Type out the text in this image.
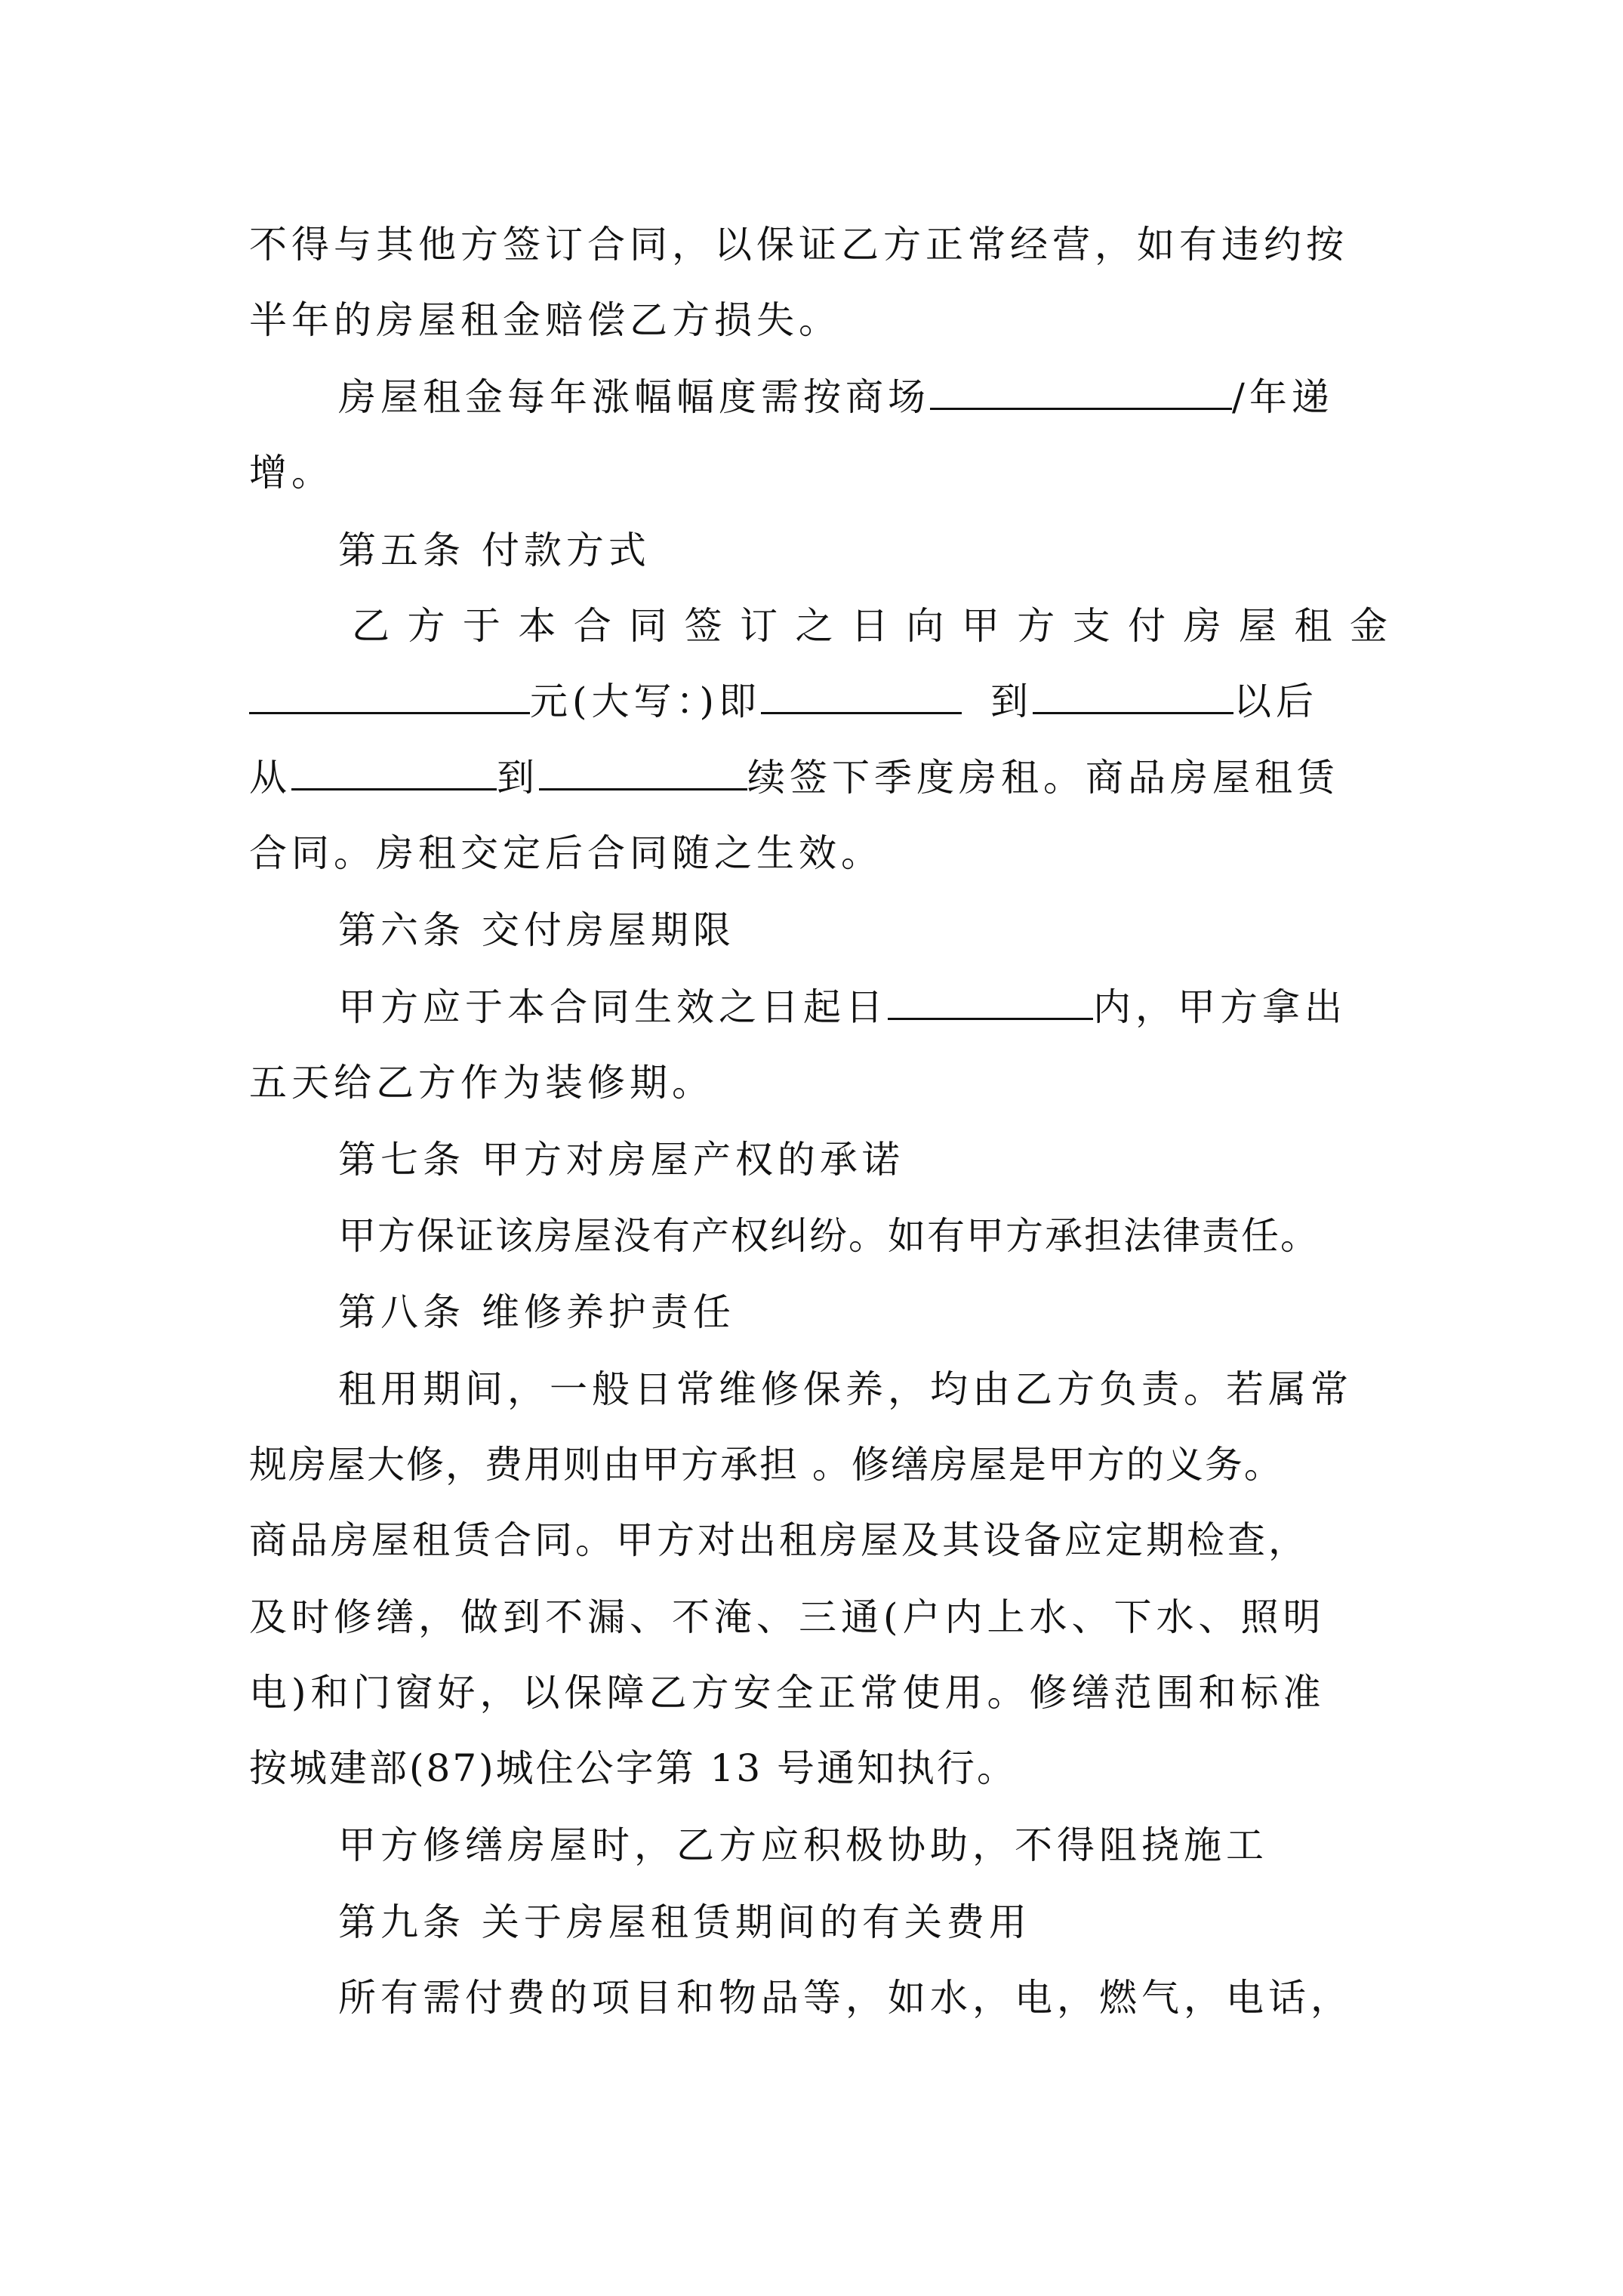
不得与其他方签订合同，以保证乙方正常经营，如有违约按
半年的房屋租金赔偿乙方损失。
房屋租金每年涨幅幅度需按商场	/年递
增。
第五条 付款方式
乙 方 于 本 合 同 签 订 之 日 向 甲 方 支 付 房 屋 租 金
元(大写：)即	到	以后
从	到	续签下季度房租。商品房屋租赁
合同。房租交定后合同随之生效。
第六条 交付房屋期限
甲方应于本合同生效之日起日	内，甲方拿出
五天给乙方作为装修期。
第七条 甲方对房屋产权的承诺
甲方保证该房屋没有产权纠纷。如有甲方承担法律责任。
第八条 维修养护责任
租用期间，一般日常维修保养，均由乙方负责。若属常
规房屋大修，费用则由甲方承担 。修缮房屋是甲方的义务。
商品房屋租赁合同。甲方对出租房屋及其设备应定期检查，
及时修缮，做到不漏、不淹、三通(户内上水、下水、照明
电)和门窗好，以保障乙方安全正常使用。修缮范围和标准
按城建部(87)城住公字第 13 号通知执行。
甲方修缮房屋时，乙方应积极协助，不得阻挠施工
第九条 关于房屋租赁期间的有关费用
所有需付费的项目和物品等，如水，电，燃气，电话，
